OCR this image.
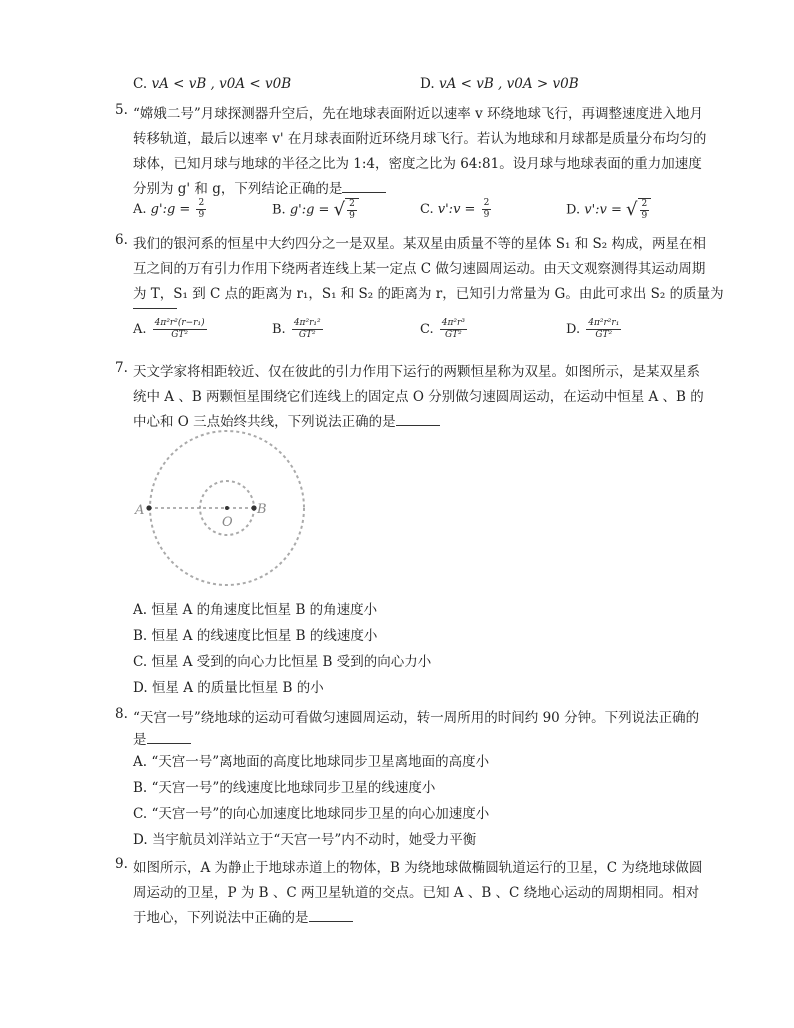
C. vA < vB , v0A < v0B	D. vA < vB , v0A > v0B
5. “嫦娥二号”月球探测器升空后，先在地球表面附近以速率 v 环绕地球飞行，再调整速度进入地月
转移轨道，最后以速率 v' 在月球表面附近环绕月球飞行。若认为地球和月球都是质量分布均匀的
球体，已知月球与地球的半径之比为 1:4，密度之比为 64:81。设月球与地球表面的重力加速度
分别为 g' 和 g，下列结论正确的是
A. g':g = $\frac{2}{9}$	B. g':g = √ $\frac{2}{9}$	C. v':v = $\frac{2}{9}$	D. v':v = √ $\frac{2}{9}$
6. 我们的银河系的恒星中大约四分之一是双星。某双星由质量不等的星体 S₁ 和 S₂ 构成，两星在相
互之间的万有引力作用下绕两者连线上某一定点 C 做匀速圆周运动。由天文观察测得其运动周期
为 T，S₁ 到 C 点的距离为 r₁，S₁ 和 S₂ 的距离为 r，已知引力常量为 G。由此可求出 S₂ 的质量为
A. $\frac{\text{4π²r²(r−r₁)}}{\text{GT²}}$	B. $\frac{\text{4π²r₁²}}{\text{GT²}}$	C. $\frac{\text{4π²r³}}{\text{GT²}}$	D. $\frac{\text{4π²r²r₁}}{\text{GT²}}$
7. 天文学家将相距较近、仅在彼此的引力作用下运行的两颗恒星称为双星。如图所示，是某双星系
统中 A 、B 两颗恒星围绕它们连线上的固定点 O 分别做匀速圆周运动，在运动中恒星 A 、B 的
中心和 O 三点始终共线，下列说法正确的是
A
O
B
A. 恒星 A 的角速度比恒星 B 的角速度小
B. 恒星 A 的线速度比恒星 B 的线速度小
C. 恒星 A 受到的向心力比恒星 B 受到的向心力小
D. 恒星 A 的质量比恒星 B 的小
8. “天宫一号”绕地球的运动可看做匀速圆周运动，转一周所用的时间约 90 分钟。下列说法正确的
是
A. “天宫一号”离地面的高度比地球同步卫星离地面的高度小
B. “天宫一号”的线速度比地球同步卫星的线速度小
C. “天宫一号”的向心加速度比地球同步卫星的向心加速度小
D. 当宇航员刘洋站立于“天宫一号”内不动时，她受力平衡
9. 如图所示，A 为静止于地球赤道上的物体，B 为绕地球做椭圆轨道运行的卫星，C 为绕地球做圆
周运动的卫星，P 为 B 、C 两卫星轨道的交点。已知 A 、B 、C 绕地心运动的周期相同。相对
于地心，下列说法中正确的是
